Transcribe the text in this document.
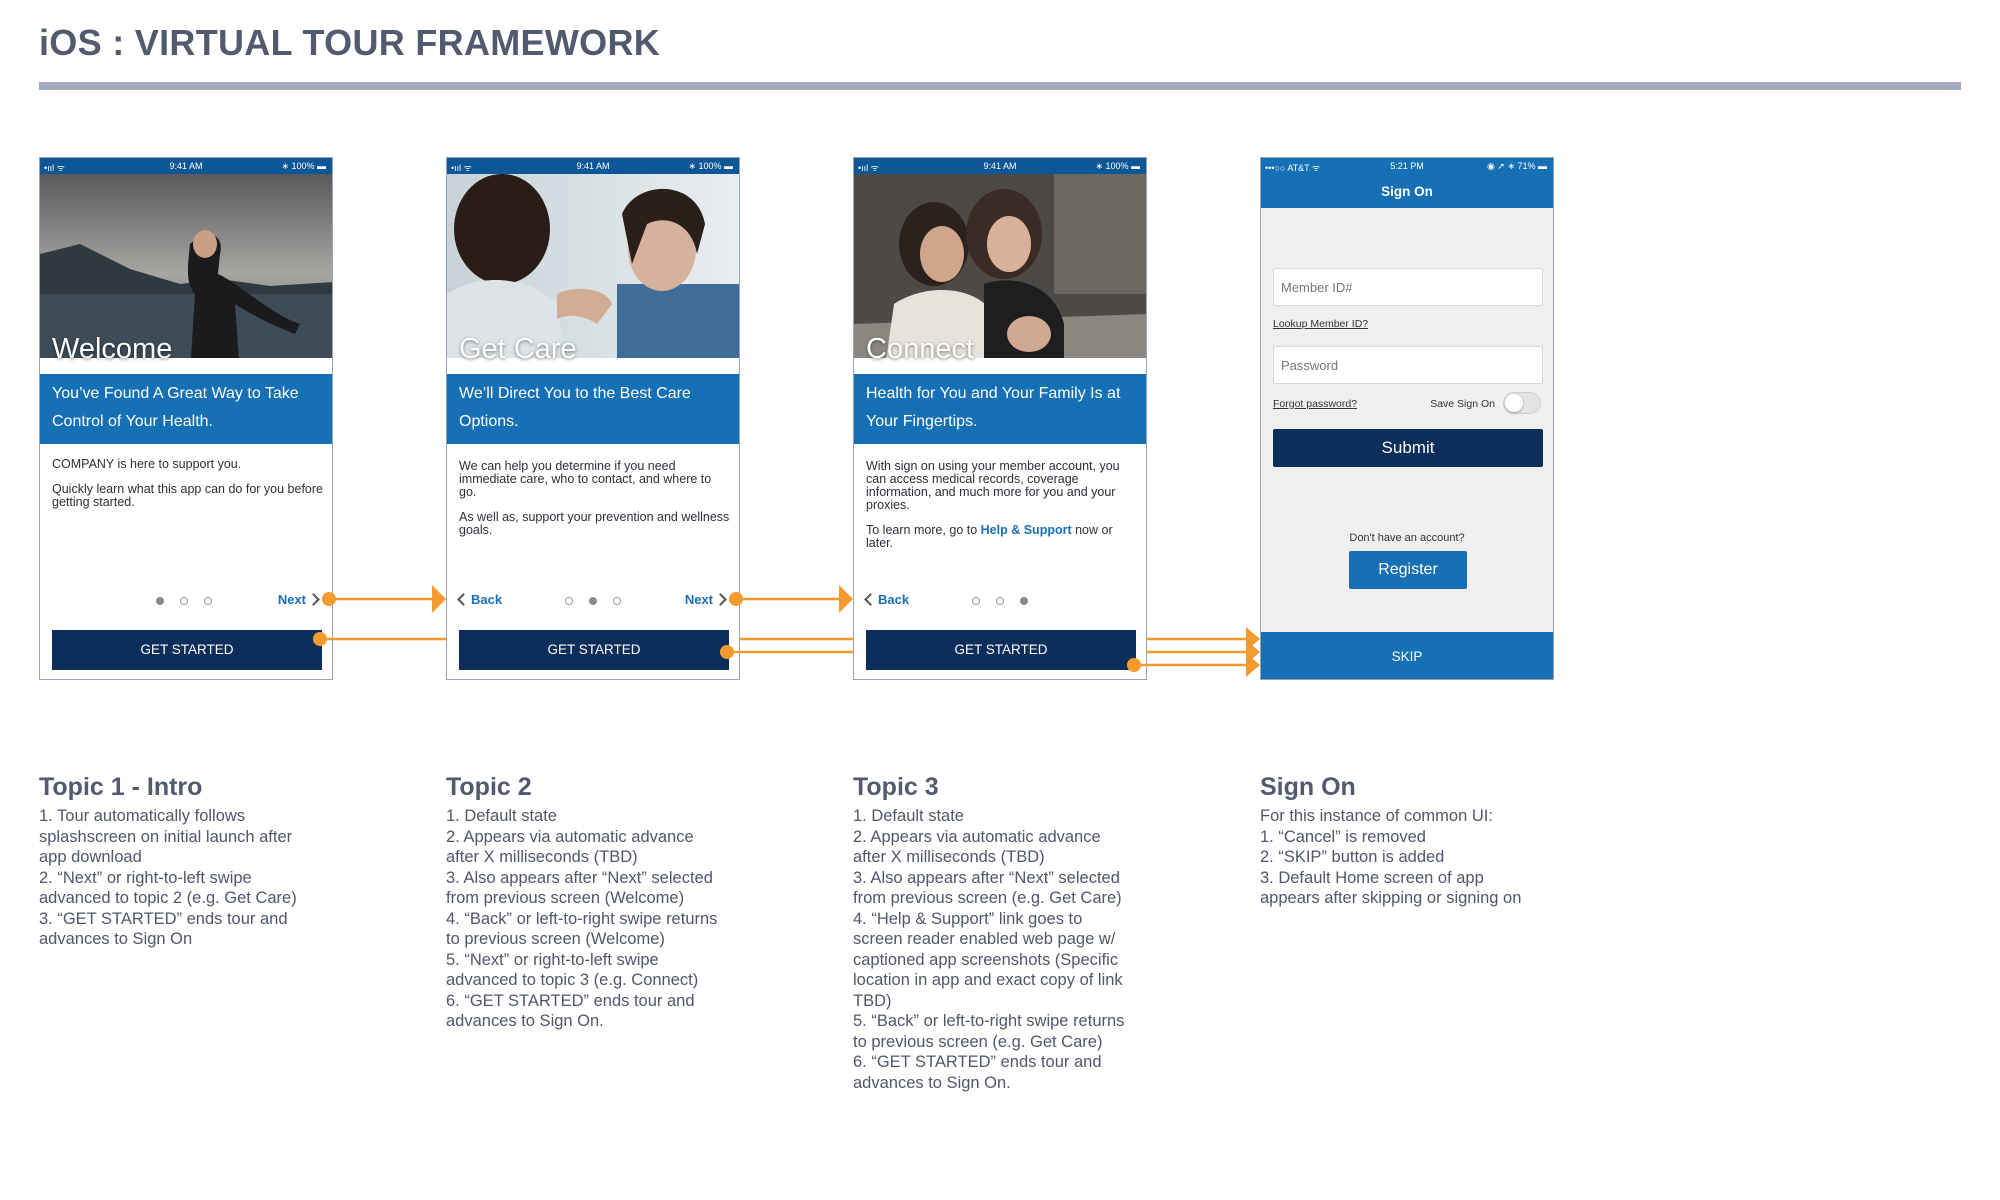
iOS : VIRTUAL TOUR FRAMEWORK
•ııl ᯤ	9:41 AM	∗ 100% ▬
Welcome
You’ve Found A Great Way to Take Control of Your Health.

COMPANY is here to support you.

Quickly learn what this app can do for you before getting started.

Next
GET STARTED
•ııl ᯤ	9:41 AM	∗ 100% ▬
Get Care
We’ll Direct You to the Best Care Options.

We can help you determine if you need immediate care, who to contact, and where to go.

As well as, support your prevention and wellness goals.

Back	Next
GET STARTED
•ııl ᯤ	9:41 AM	∗ 100% ▬
Connect
Health for You and Your Family Is at Your Fingertips.

With sign on using your member account, you can access medical records, coverage information, and much more for you and your proxies.

To learn more, go to Help & Support now or later.

Back
GET STARTED
•••○○ AT&T ᯤ	5:21 PM	◉ ➚ ∗ 71% ▬
Sign On
Member ID#
Lookup Member ID?
Password
Forgot password?	Save Sign On
Submit
Don't have an account?
Register
SKIP
Topic 1 - Intro
1. Tour automatically follows
splashscreen on initial launch after
app download
2. “Next” or right-to-left swipe
advanced to topic 2 (e.g. Get Care)
3. “GET STARTED” ends tour and
advances to Sign On
Topic 2
1. Default state
2. Appears via automatic advance
after X milliseconds (TBD)
3. Also appears after “Next” selected
from previous screen (Welcome)
4. “Back” or left-to-right swipe returns
to previous screen (Welcome)
5. “Next” or right-to-left swipe
advanced to topic 3 (e.g. Connect)
6. “GET STARTED” ends tour and
advances to Sign On.
Topic 3
1. Default state
2. Appears via automatic advance
after X milliseconds (TBD)
3. Also appears after “Next” selected
from previous screen (e.g. Get Care)
4. “Help & Support” link goes to
screen reader enabled web page w/
captioned app screenshots (Specific
location in app and exact copy of link
TBD)
5. “Back” or left-to-right swipe returns
to previous screen (e.g. Get Care)
6. “GET STARTED” ends tour and
advances to Sign On.
Sign On
For this instance of common UI:
1. “Cancel” is removed
2. “SKIP” button is added
3. Default Home screen of app
appears after skipping or signing on
